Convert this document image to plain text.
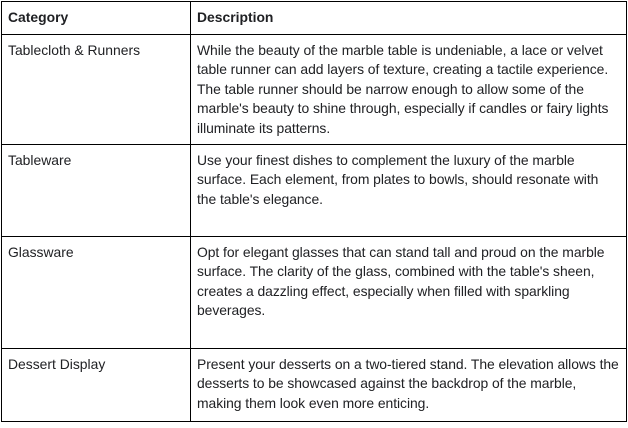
Category	Description
Tablecloth & Runners	While the beauty of the marble table is undeniable, a lace or velvet table runner can add layers of texture, creating a tactile experience. The table runner should be narrow enough to allow some of the marble's beauty to shine through, especially if candles or fairy lights illuminate its patterns.
Tableware	Use your finest dishes to complement the luxury of the marble surface. Each element, from plates to bowls, should resonate with the table's elegance.
Glassware	Opt for elegant glasses that can stand tall and proud on the marble surface. The clarity of the glass, combined with the table's sheen, creates a dazzling effect, especially when filled with sparkling beverages.
Dessert Display	Present your desserts on a two-tiered stand. The elevation allows the desserts to be showcased against the backdrop of the marble, making them look even more enticing.
